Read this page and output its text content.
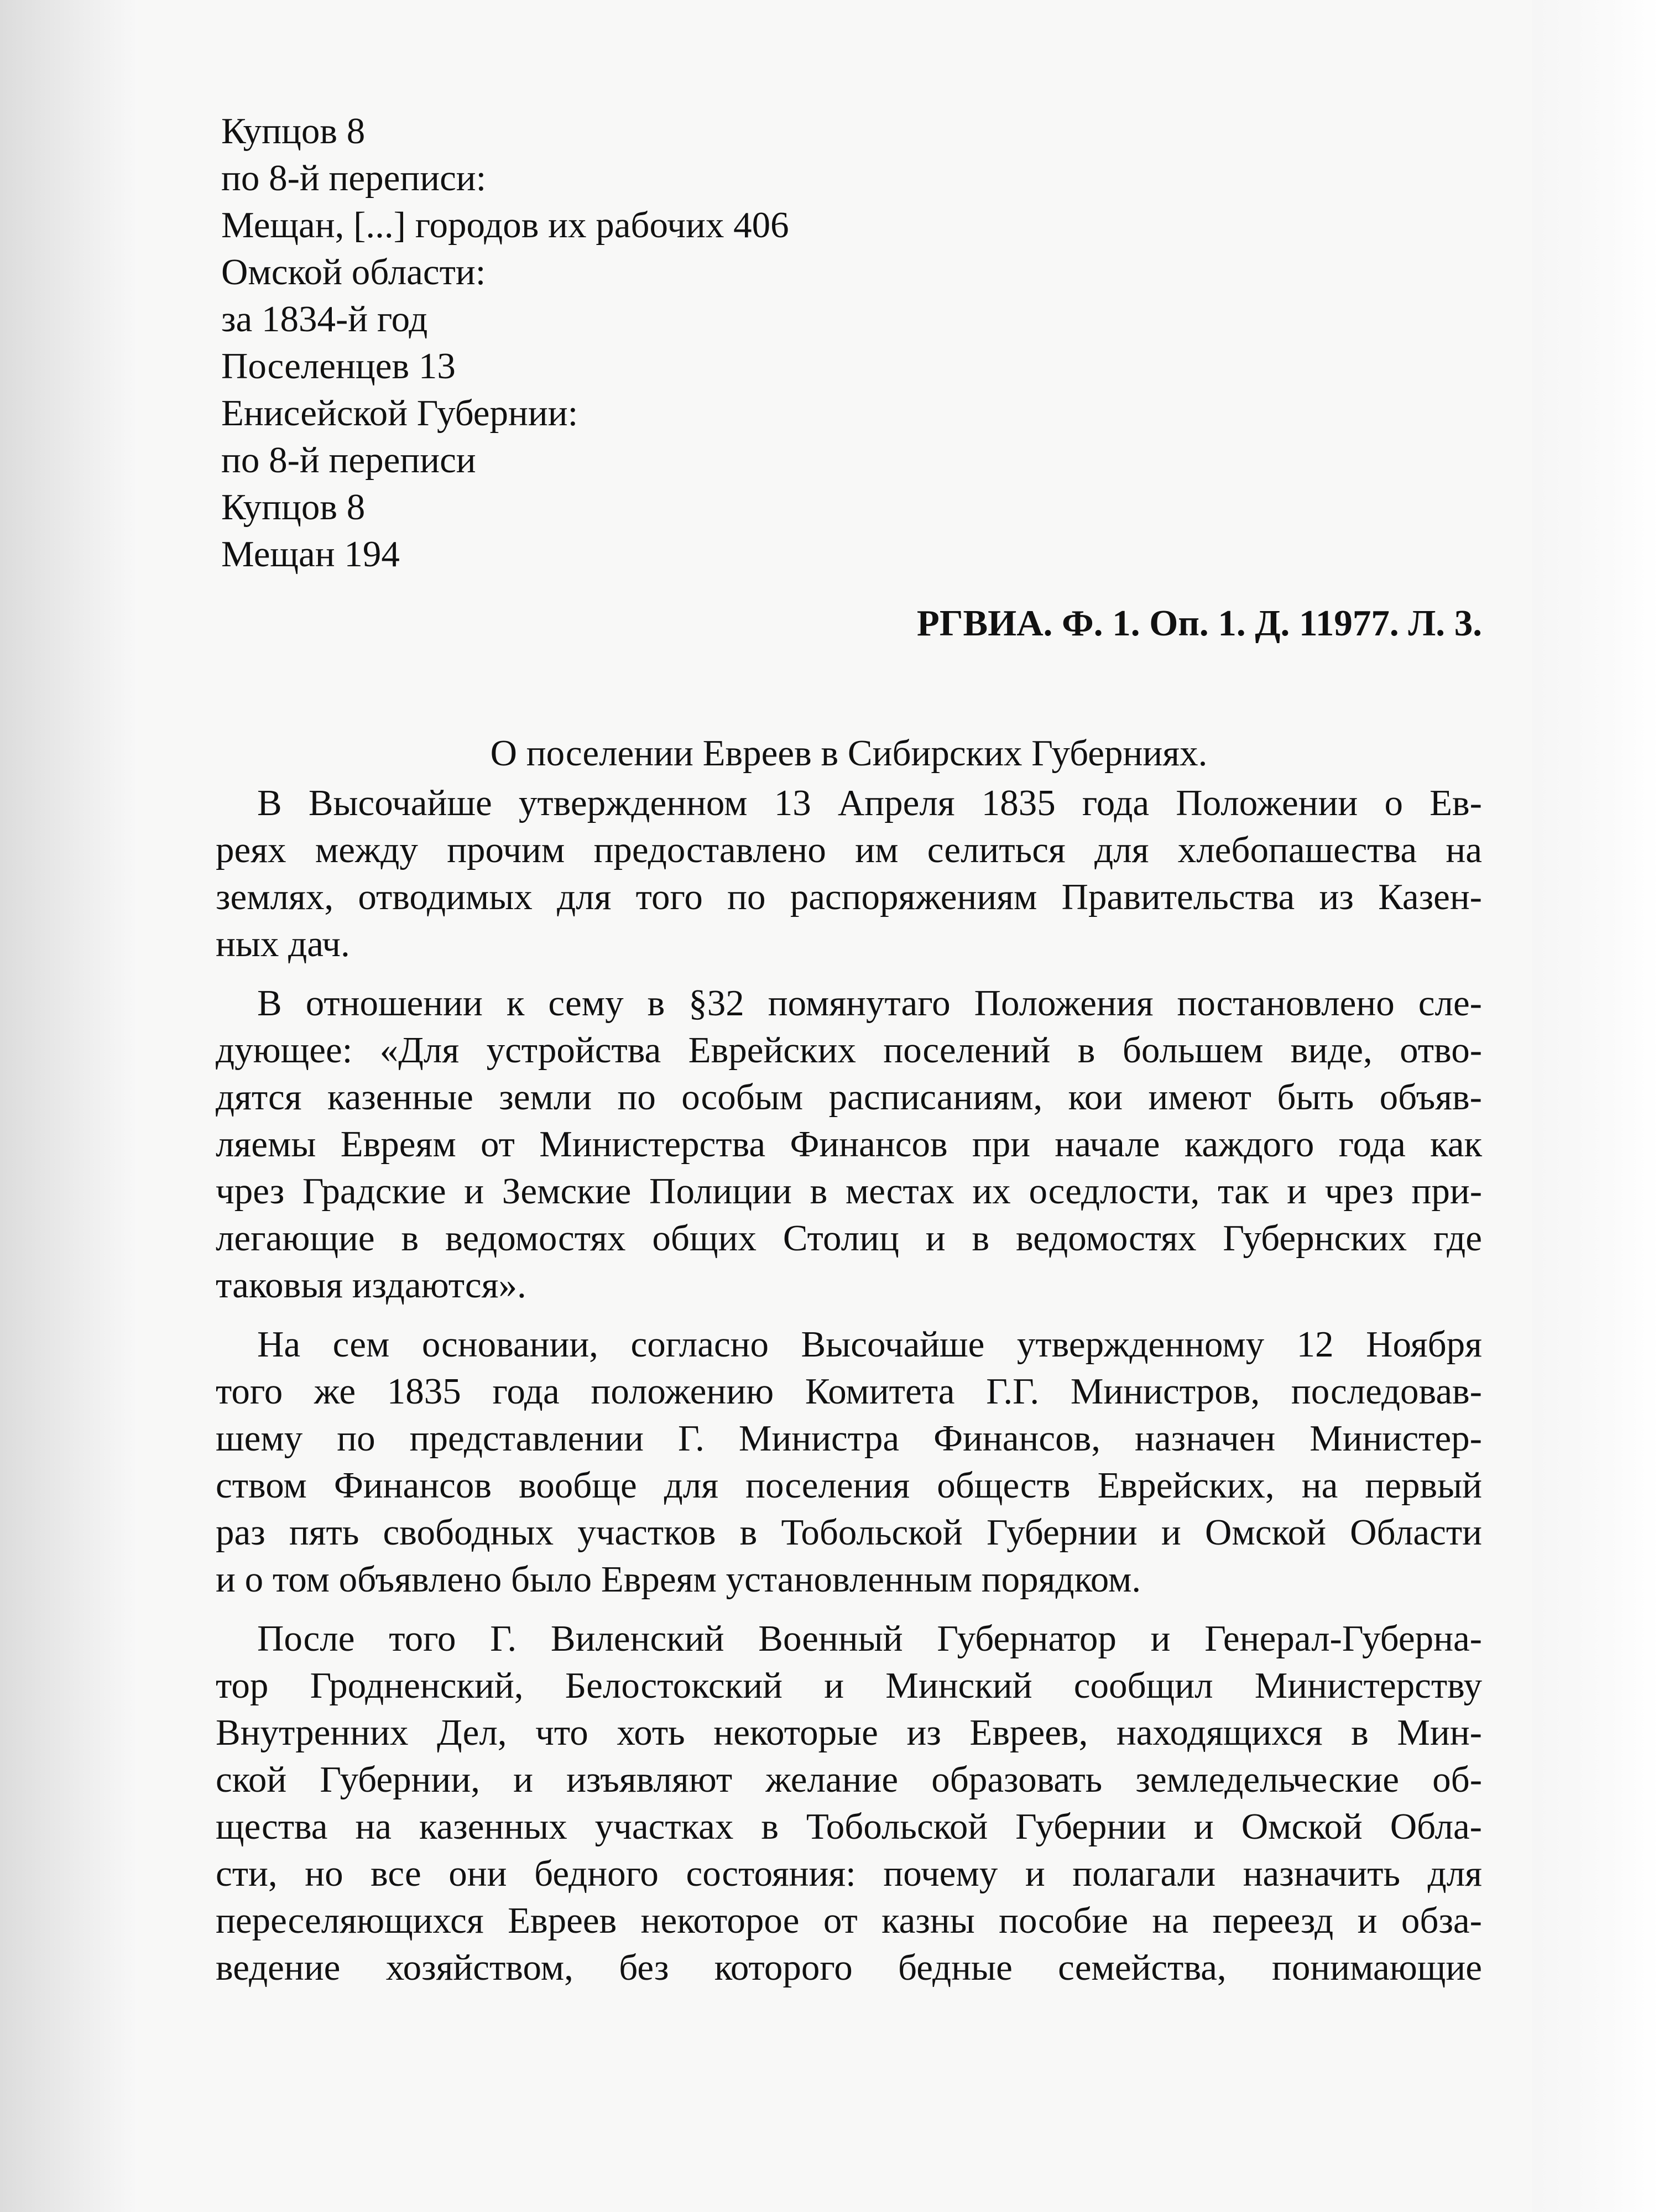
Купцов 8
по 8-й переписи:
Мещан, [...] городов их рабочих 406
Омской области:
за 1834-й год
Поселенцев 13
Енисейской Губернии:
по 8-й переписи
Купцов 8
Мещан 194
РГВИА. Ф. 1. Оп. 1. Д. 11977. Л. 3.
О поселении Евреев в Сибирских Губерниях.
В Высочайше утвержденном 13 Апреля 1835 года Положении о Ев-
реях между прочим предоставлено им селиться для хлебопашества на
землях, отводимых для того по распоряжениям Правительства из Казен-
ных дач.
В отношении к сему в §32 помянутаго Положения постановлено сле-
дующее: «Для устройства Еврейских поселений в большем виде, отво-
дятся казенные земли по особым расписаниям, кои имеют быть объяв-
ляемы Евреям от Министерства Финансов при начале каждого года как
чрез Градские и Земские Полиции в местах их оседлости, так и чрез при-
легающие в ведомостях общих Столиц и в ведомостях Губернских где
таковыя издаются».
На сем основании, согласно Высочайше утвержденному 12 Ноября
того же 1835 года положению Комитета Г.Г. Министров, последовав-
шему по представлении Г. Министра Финансов, назначен Министер-
ством Финансов вообще для поселения обществ Еврейских, на первый
раз пять свободных участков в Тобольской Губернии и Омской Области
и о том объявлено было Евреям установленным порядком.
После того Г. Виленский Военный Губернатор и Генерал-Губерна-
тор Гродненский, Белостокский и Минский сообщил Министерству
Внутренних Дел, что хоть некоторые из Евреев, находящихся в Мин-
ской Губернии, и изъявляют желание образовать земледельческие об-
щества на казенных участках в Тобольской Губернии и Омской Обла-
сти, но все они бедного состояния: почему и полагали назначить для
переселяющихся Евреев некоторое от казны пособие на переезд и обза-
ведение хозяйством, без которого бедные семейства, понимающие
